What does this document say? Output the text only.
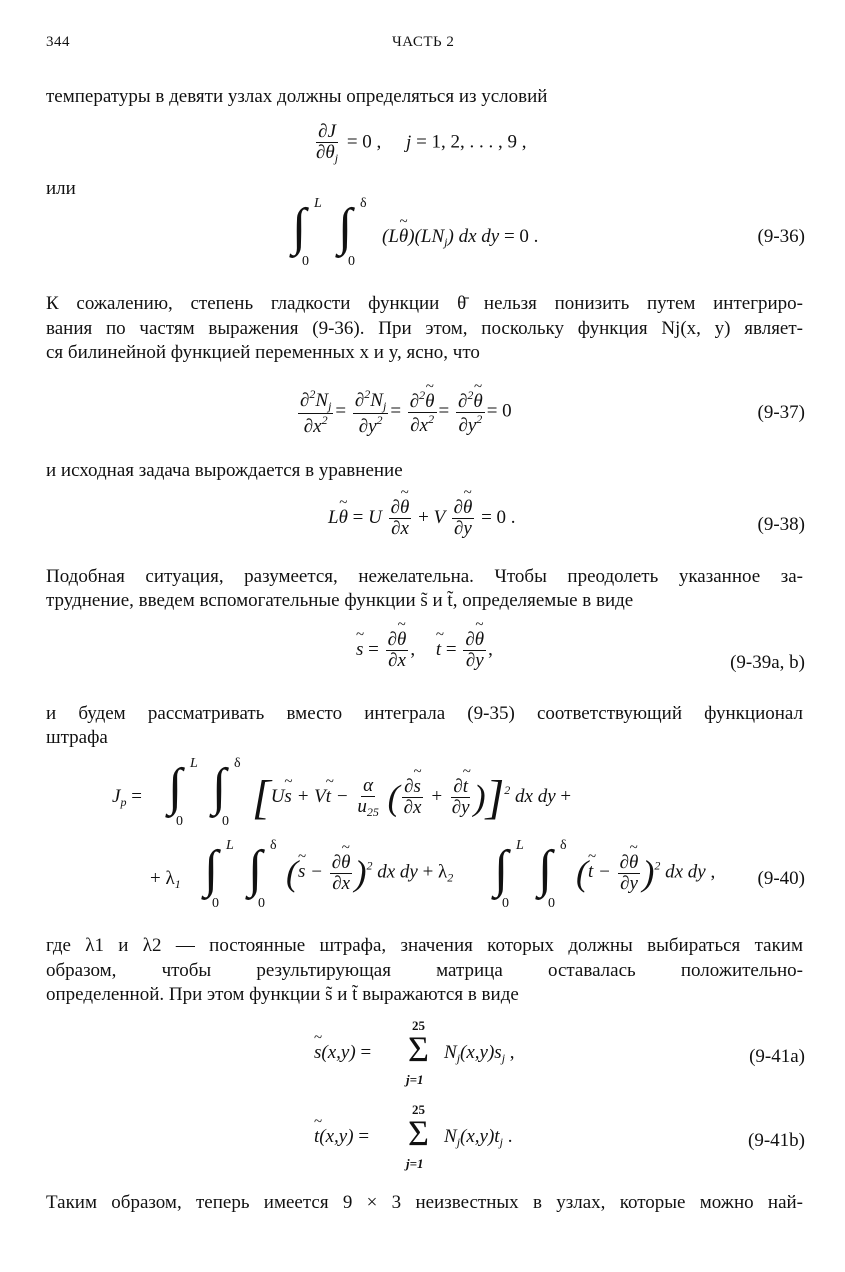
344	ЧАСТЬ 2
температуры в девяти узлах должны определяться из условий
$\frac{\partial J}{\partial\theta_j} = 0$ , j = 1, 2, . . . , 9 ,
или
∫ L
0
∫ δ
0
(L~ $\theta)(LN_j)$ dx dy = 0 .	(9-36)
К сожалению, степень гладкости функции θ̄ нельзя понизить путем интегриро-
вания по частям выражения (9-36). При этом, поскольку функция Nj(x, y) являет-
ся билинейной функцией переменных x и y, ясно, что
$\frac{\partial^2N_j}{\partial x^2} = \frac{\partial^2N_j}{\partial y^2} = \frac{\partial^2\sim \theta}{\partial x^2} = \frac{\partial^2\sim \theta}{\partial y^2} = 0$	(9-37)
и исходная задача вырождается в уравнение
L~ θ = U $\frac{\partial\sim \theta}{\partial x} + V \frac{\partial\sim \theta}{\partial y} = 0$ .	(9-38)
Подобная ситуация, разумеется, нежелательна. Чтобы преодолеть указанное за-
труднение, введем вспомогательные функции s̃ и t̃, определяемые в виде
~ $s = \frac{\partial\sim \theta}{\partial x}$ , ~ $t = \frac{\partial\sim \theta}{\partial y}$ ,
(9-39a, b)
и будем рассматривать вместо интеграла (9-35) соответствующий функционал
штрафа
$J_p$ = ∫ L
0
∫ δ
0 [U~ s + V~ $t - \frac{\alpha}{u_{25}}$ ( $\frac{\partial\sim s}{\partial x} + \frac{\partial\sim t}{\partial y} )]^2$ dx dy +
+ $\lambda_1$ ∫ L
0
∫ δ
0
(~ $s - \frac{\partial\sim \theta}{\partial x} )^2$ dx dy + $\lambda_2$ ∫ L
0
∫ δ
0
(~ $t - \frac{\partial\sim \theta}{\partial y} )^2$ dx dy , (9-40)
где λ1 и λ2 — постоянные штрафа, значения которых должны выбираться таким
образом, чтобы результирующая матрица оставалась положительно-
определенной. При этом функции s̃ и t̃ выражаются в виде
~ s(x,y) =
25
Σ
j=1
$N_j(x,y)s_j$ ,	(9-41a)
~ t(x,y) =
25
Σ
j=1
$N_j(x,y)t_j$ .	(9-41b)
Таким образом, теперь имеется 9 × 3 неизвестных в узлах, которые можно най-
